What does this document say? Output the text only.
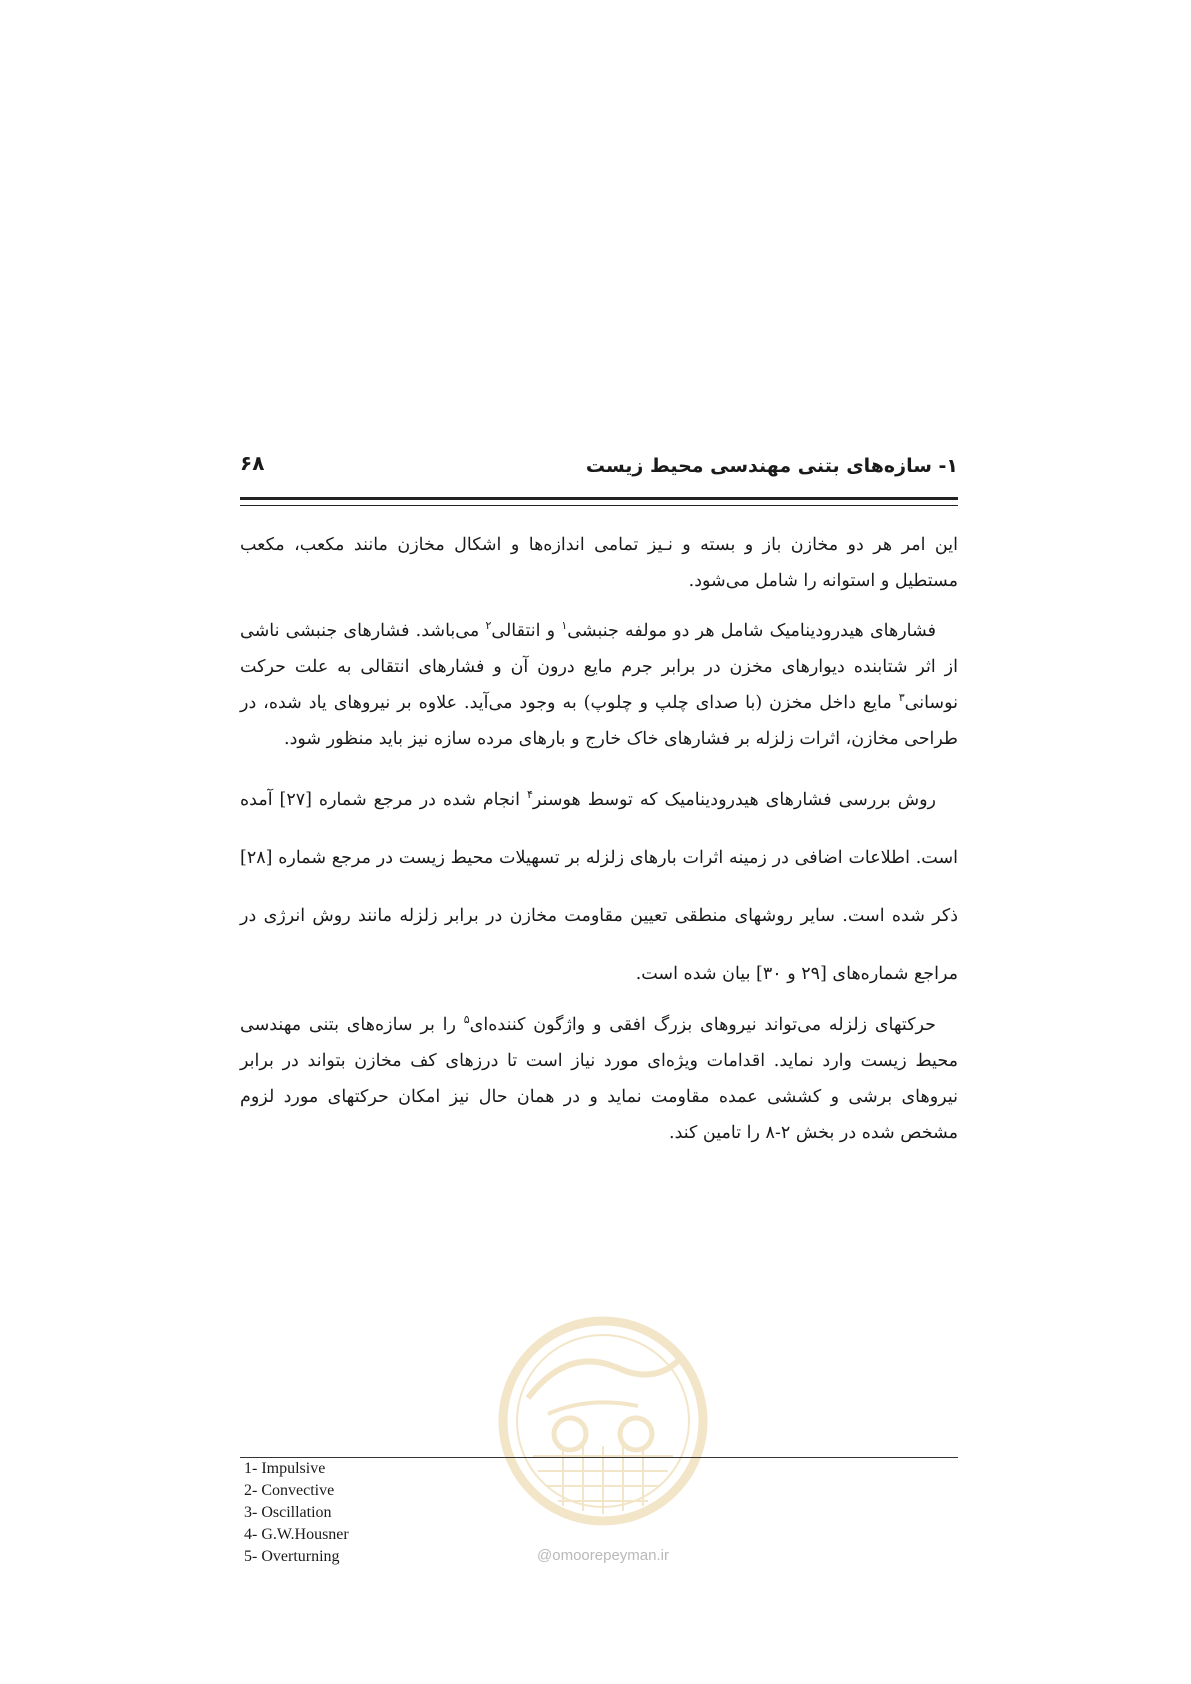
۱- سازه‌های بتنی مهندسی محیط زیست
۶۸

این امر هر دو مخازن باز و بسته و نـیز تمامی اندازه‌ها و اشکال مخازن مانند مکعب، مکعب مستطیل و استوانه را شامل می‌شود.

فشارهای هیدرودینامیک شامل هر دو مولفه جنبشی$^۱$ و انتقالی$^۲$ می‌باشد. فشارهای جنبشی ناشی از اثر شتابنده دیوارهای مخزن در برابر جرم مایع درون آن و فشارهای انتقالی به علت حرکت نوسانی$^۳$ مایع داخل مخزن (با صدای چلپ و چلوپ) به وجود می‌آید. علاوه بر نیروهای یاد شده، در طراحی مخازن، اثرات زلزله بر فشارهای خاک خارج و بارهای مرده سازه نیز باید منظور شود.

روش بررسی فشارهای هیدرودینامیک که توسط هوسنر$^۴$ انجام شده در مرجع شماره [۲۷] آمده است. اطلاعات اضافی در زمینه اثرات بارهای زلزله بر تسهیلات محیط زیست در مرجع شماره [۲۸] ذکر شده است. سایر روشهای منطقی تعیین مقاومت مخازن در برابر زلزله مانند روش انرژی در مراجع شماره‌های [۲۹ و ۳۰] بیان شده است.

حرکتهای زلزله می‌تواند نیروهای بزرگ افقی و واژگون کننده‌ای$^۵$ را بر سازه‌های بتنی مهندسی محیط زیست وارد نماید. اقدامات ویژه‌ای مورد نیاز است تا درزهای کف مخازن بتواند در برابر نیروهای برشی و کششی عمده مقاومت نماید و در همان حال نیز امکان حرکتهای مورد لزوم مشخص شده در بخش ۲-۸ را تامین کند.

@omoorepeyman.ir
1- Impulsive
2- Convective
3- Oscillation
4- G.W.Housner
5- Overturning
